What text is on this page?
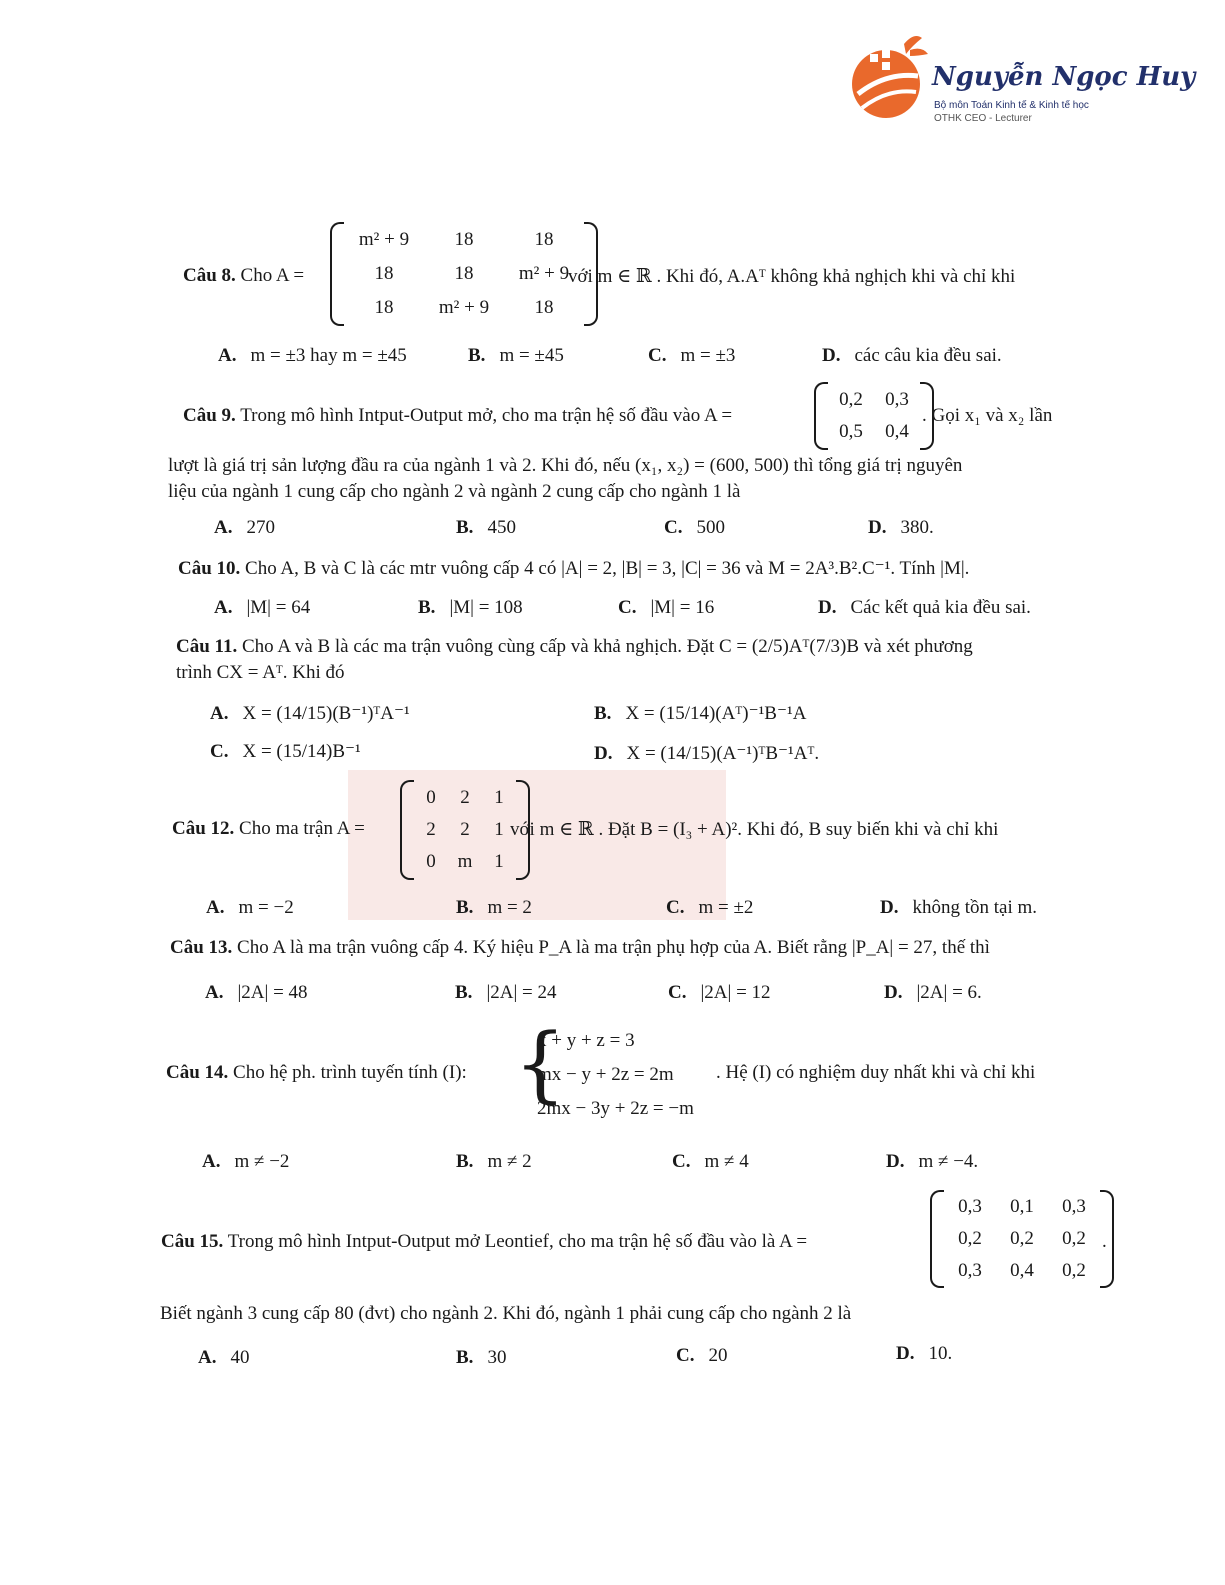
Nguyễn Ngọc Huy
Bộ môn Toán Kinh tế & Kinh tế học
OTHK CEO - Lecturer
Câu 8. Cho A =
m² + 9	18	18
18	18	m² + 9
18	m² + 9	18
với m ∈ ℝ . Khi đó, A.Aᵀ không khả nghịch khi và chỉ khi
A. m = ±3 hay m = ±45	B. m = ±45	C. m = ±3	D. các câu kia đều sai.
Câu 9. Trong mô hình Intput-Output mở, cho ma trận hệ số đầu vào A =
0,2	0,3
0,5	0,4
. Gọi x₁ và x₂ lần
lượt là giá trị sản lượng đầu ra của ngành 1 và 2. Khi đó, nếu (x₁, x₂) = (600, 500) thì tổng giá trị nguyên
liệu của ngành 1 cung cấp cho ngành 2 và ngành 2 cung cấp cho ngành 1 là
A. 270	B. 450	C. 500	D. 380.
Câu 10. Cho A, B và C là các mtr vuông cấp 4 có |A| = 2, |B| = 3, |C| = 36 và M = 2A³.B².C⁻¹. Tính |M|.
A. |M| = 64	B. |M| = 108	C. |M| = 16	D. Các kết quả kia đều sai.
Câu 11. Cho A và B là các ma trận vuông cùng cấp và khả nghịch. Đặt C = (2/5)Aᵀ(7/3)B và xét phương
trình CX = Aᵀ. Khi đó
A. X = (14/15)(B⁻¹)ᵀA⁻¹	B. X = (15/14)(Aᵀ)⁻¹B⁻¹A
C. X = (15/14)B⁻¹	D. X = (14/15)(A⁻¹)ᵀB⁻¹Aᵀ.
Câu 12. Cho ma trận A =
0	2	1
2	2	1
0	m	1
với m ∈ ℝ . Đặt B = (I₃ + A)². Khi đó, B suy biến khi và chỉ khi
A. m = −2	B. m = 2	C. m = ±2	D. không tồn tại m.
Câu 13. Cho A là ma trận vuông cấp 4. Ký hiệu P_A là ma trận phụ hợp của A. Biết rằng |P_A| = 27, thế thì
A. |2A| = 48	B. |2A| = 24	C. |2A| = 12	D. |2A| = 6.
Câu 14. Cho hệ ph. trình tuyến tính (I): {
x + y + z = 3
mx − y + 2z = 2m
2mx − 3y + 2z = −m
. Hệ (I) có nghiệm duy nhất khi và chỉ khi
A. m ≠ −2	B. m ≠ 2	C. m ≠ 4	D. m ≠ −4.
Câu 15. Trong mô hình Intput-Output mở Leontief, cho ma trận hệ số đầu vào là A =
0,3	0,1	0,3
0,2	0,2	0,2
0,3	0,4	0,2
.
Biết ngành 3 cung cấp 80 (đvt) cho ngành 2. Khi đó, ngành 1 phải cung cấp cho ngành 2 là
A. 40	B. 30	C. 20	D. 10.
